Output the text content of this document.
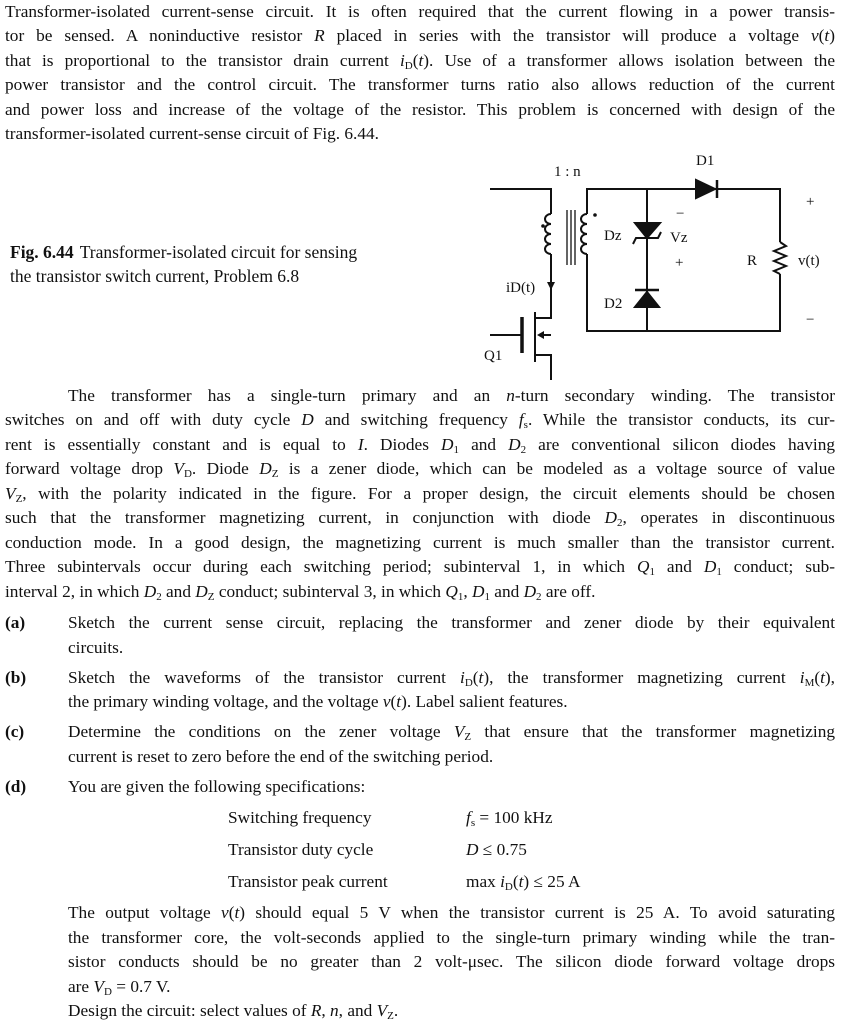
Transformer-isolated current-sense circuit. It is often required that the current flowing in a power transis-
tor be sensed. A noninductive resistor R placed in series with the transistor will produce a voltage v(t)
that is proportional to the transistor drain current $i_D(t)$. Use of a transformer allows isolation between the
power transistor and the control circuit. The transformer turns ratio also allows reduction of the current
and power loss and increase of the voltage of the resistor. This problem is concerned with design of the
transformer-isolated current-sense circuit of Fig. 6.44.
Fig. 6.44 Transformer-isolated circuit for sensing
the transistor switch current, Problem 6.8
1 : n
D1
−
Dz	Vz
+	R	v(t)
+
−
iD(t)
D2
Q1
The transformer has a single-turn primary and an n-turn secondary winding. The transistor
switches on and off with duty cycle D and switching frequency $f_s$. While the transistor conducts, its cur-
rent is essentially constant and is equal to I. Diodes $D_1$ and $D_2$ are conventional silicon diodes having
forward voltage drop $V_D$. Diode $D_Z$ is a zener diode, which can be modeled as a voltage source of value
$V_Z$, with the polarity indicated in the figure. For a proper design, the circuit elements should be chosen
such that the transformer magnetizing current, in conjunction with diode $D_2$, operates in discontinuous
conduction mode. In a good design, the magnetizing current is much smaller than the transistor current.
Three subintervals occur during each switching period; subinterval 1, in which $Q_1$ and $D_1$ conduct; sub-
interval 2, in which $D_2$ and $D_Z$ conduct; subinterval 3, in which $Q_1$, $D_1$ and $D_2$ are off.
(a) Sketch the current sense circuit, replacing the transformer and zener diode by their equivalent
circuits.
(b) Sketch the waveforms of the transistor current $i_D(t)$, the transformer magnetizing current $i_M(t)$,
the primary winding voltage, and the voltage v(t). Label salient features.
(c)	Determine the conditions on the zener voltage $V_Z$ that ensure that the transformer magnetizing
current is reset to zero before the end of the switching period.
(d) You are given the following specifications:
Switching frequency	$f_s = 100$ kHz
Transistor duty cycle	D ≤ 0.75
Transistor peak current	$\max i_D(t) \le 25$ A
The output voltage v(t) should equal 5 V when the transistor current is 25 A. To avoid saturating
the transformer core, the volt-seconds applied to the single-turn primary winding while the tran-
sistor conducts should be no greater than 2 volt-μsec. The silicon diode forward voltage drops
are $V_D = 0.7$ V.
Design the circuit: select values of R, n, and $V_Z$.
